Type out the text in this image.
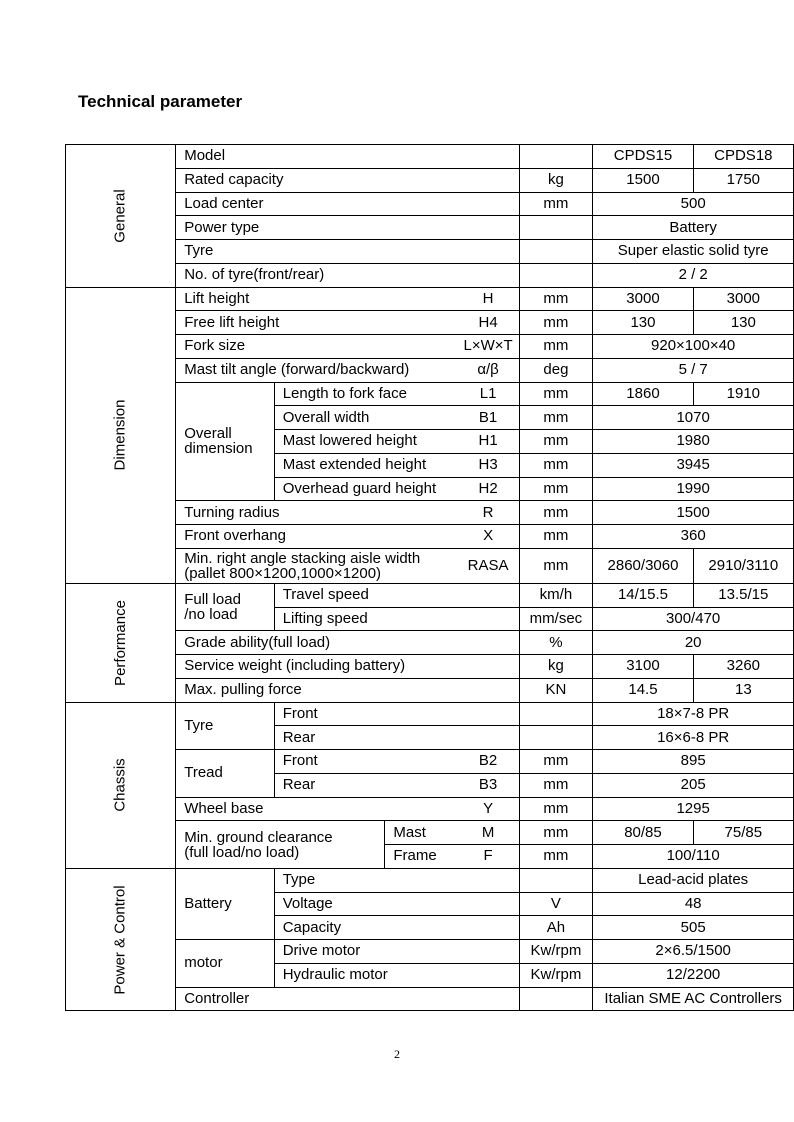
Technical parameter
General	Model					CPDS15	CPDS18
	Rated capacity				kg	1500	1750
	Load center				mm	500	
	Power type					Battery	
	Tyre					Super elastic solid tyre	
	No. of tyre(front/rear)					2 / 2	
Dimension	Lift height			H	mm	3000	3000
	Free lift height			H4	mm	130	130
	Fork size			L×W×T	mm	920×100×40	
	Mast tilt angle (forward/backward)			α/β	deg	5 / 7	
	Overall
dimension	Length to fork face		L1	mm	1860	1910
		Overall width		B1	mm	1070	
		Mast lowered height		H1	mm	1980	
		Mast extended height		H3	mm	3945	
		Overhead guard height		H2	mm	1990	
	Turning radius			R	mm	1500	
	Front overhang			X	mm	360	
	Min. right angle stacking aisle width
(pallet 800×1200,1000×1200)			RASA	mm	2860/3060	2910/3110
Performance	Full load
/no load	Travel speed			km/h	14/15.5	13.5/15
		Lifting speed			mm/sec	300/470	
	Grade ability(full load)				%	20	
	Service weight (including battery)				kg	3100	3260
	Max. pulling force				KN	14.5	13
Chassis	Tyre	Front				18×7-8 PR	
		Rear				16×6-8 PR	
	Tread	Front		B2	mm	895	
		Rear		B3	mm	205	
	Wheel base			Y	mm	1295	
	Min. ground clearance
(full load/no load)		Mast	M	mm	80/85	75/85
			Frame	F	mm	100/110	
Power & Control	Battery	Type				Lead-acid plates	
		Voltage			V	48	
		Capacity			Ah	505	
	motor	Drive motor			Kw/rpm	2×6.5/1500	
		Hydraulic motor			Kw/rpm	12/2200	
	Controller					Italian SME AC Controllers	
2
